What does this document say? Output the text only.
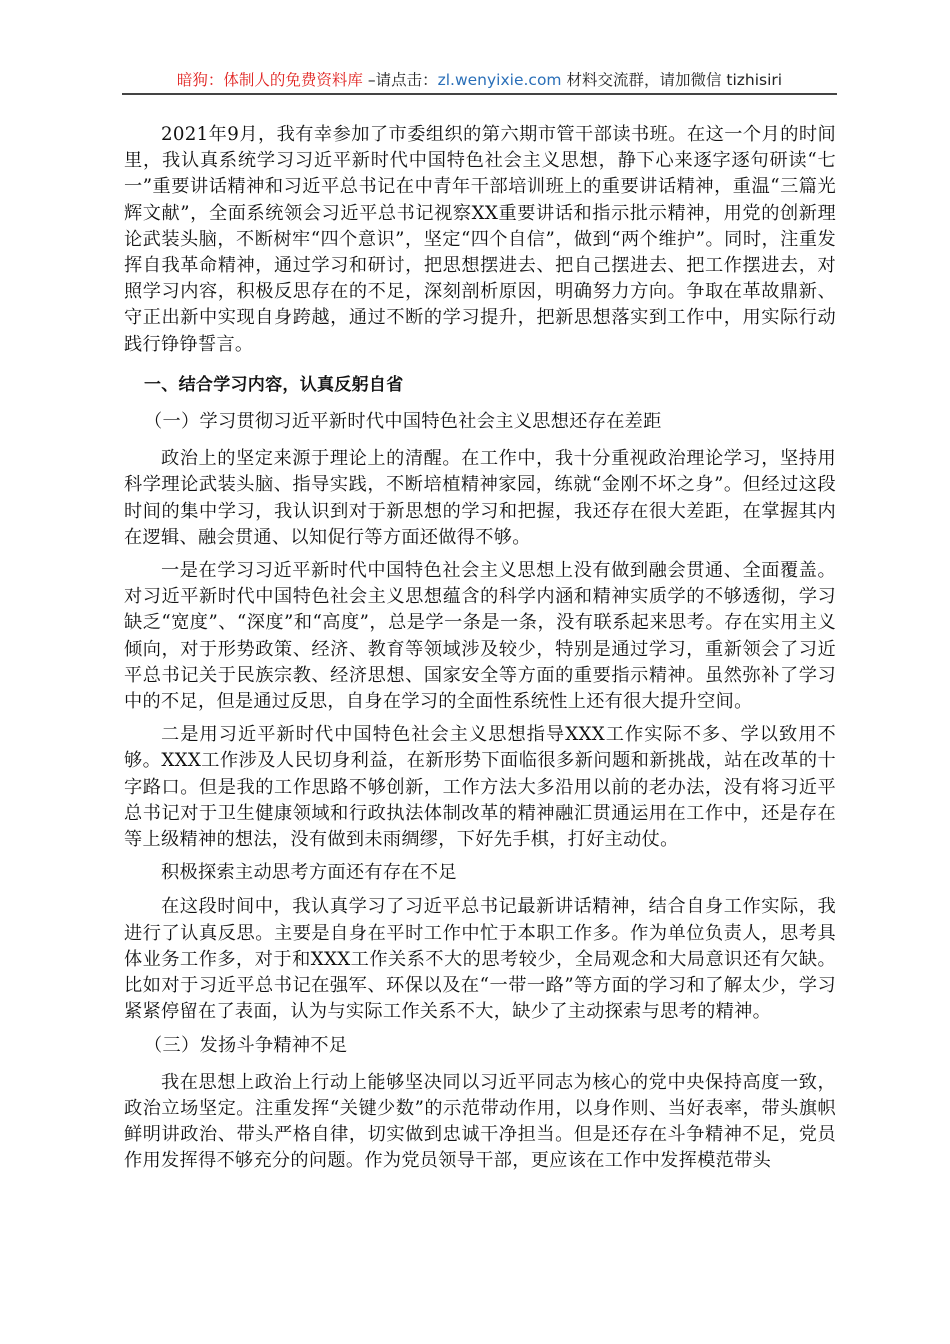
暗狗：体制人的免费资料库 –请点击：zl.wenyixie.com 材料交流群，请加微信 tizhisiri

2021年9月，我有幸参加了市委组织的第六期市管干部读书班。在这一个月的时间里，我认真系统学习习近平新时代中国特色社会主义思想，静下心来逐字逐句研读“七一”重要讲话精神和习近平总书记在中青年干部培训班上的重要讲话精神，重温“三篇光辉文献”，全面系统领会习近平总书记视察XX重要讲话和指示批示精神，用党的创新理论武装头脑，不断树牢“四个意识”，坚定“四个自信”，做到“两个维护”。同时，注重发挥自我革命精神，通过学习和研讨，把思想摆进去、把自己摆进去、把工作摆进去，对照学习内容，积极反思存在的不足，深刻剖析原因，明确努力方向。争取在革故鼎新、守正出新中实现自身跨越，通过不断的学习提升，把新思想落实到工作中，用实际行动践行铮铮誓言。

一、结合学习内容，认真反躬自省
（一）学习贯彻习近平新时代中国特色社会主义思想还存在差距

政治上的坚定来源于理论上的清醒。在工作中，我十分重视政治理论学习，坚持用科学理论武装头脑、指导实践，不断培植精神家园，练就“金刚不坏之身”。但经过这段时间的集中学习，我认识到对于新思想的学习和把握，我还存在很大差距，在掌握其内在逻辑、融会贯通、以知促行等方面还做得不够。

一是在学习习近平新时代中国特色社会主义思想上没有做到融会贯通、全面覆盖。对习近平新时代中国特色社会主义思想蕴含的科学内涵和精神实质学的不够透彻，学习缺乏“宽度”、“深度”和“高度”，总是学一条是一条，没有联系起来思考。存在实用主义倾向，对于形势政策、经济、教育等领域涉及较少，特别是通过学习，重新领会了习近平总书记关于民族宗教、经济思想、国家安全等方面的重要指示精神。虽然弥补了学习中的不足，但是通过反思，自身在学习的全面性系统性上还有很大提升空间。

二是用习近平新时代中国特色社会主义思想指导XXX工作实际不多、学以致用不够。XXX工作涉及人民切身利益，在新形势下面临很多新问题和新挑战，站在改革的十字路口。但是我的工作思路不够创新，工作方法大多沿用以前的老办法，没有将习近平总书记对于卫生健康领域和行政执法体制改革的精神融汇贯通运用在工作中，还是存在等上级精神的想法，没有做到未雨绸缪，下好先手棋，打好主动仗。

积极探索主动思考方面还有存在不足

在这段时间中，我认真学习了习近平总书记最新讲话精神，结合自身工作实际，我进行了认真反思。主要是自身在平时工作中忙于本职工作多。作为单位负责人，思考具体业务工作多，对于和XXX工作关系不大的思考较少，全局观念和大局意识还有欠缺。比如对于习近平总书记在强军、环保以及在“一带一路”等方面的学习和了解太少，学习紧紧停留在了表面，认为与实际工作关系不大，缺少了主动探索与思考的精神。

（三）发扬斗争精神不足

我在思想上政治上行动上能够坚决同以习近平同志为核心的党中央保持高度一致，政治立场坚定。注重发挥“关键少数”的示范带动作用，以身作则、当好表率，带头旗帜鲜明讲政治、带头严格自律，切实做到忠诚干净担当。但是还存在斗争精神不足，党员作用发挥得不够充分的问题。作为党员领导干部，更应该在工作中发挥模范带头
